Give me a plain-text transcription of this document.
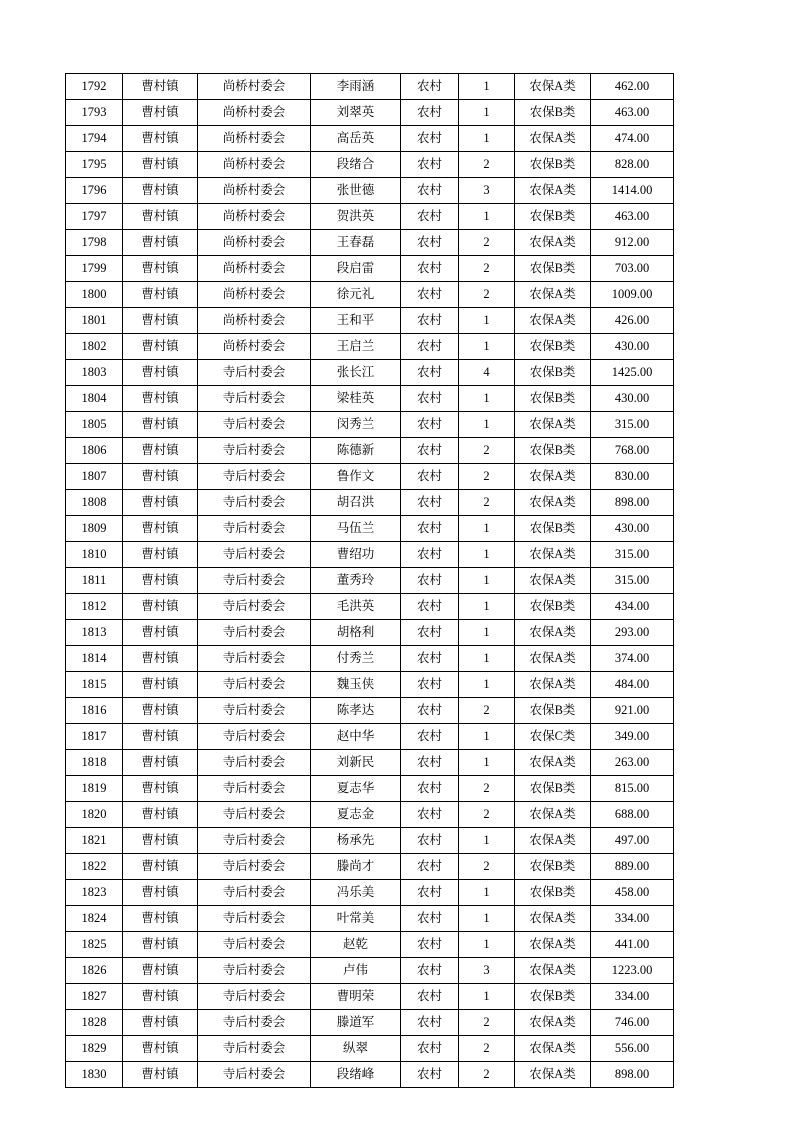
1792	曹村镇	尚桥村委会	李雨涵	农村	1	农保A类	462.00
1793	曹村镇	尚桥村委会	刘翠英	农村	1	农保B类	463.00
1794	曹村镇	尚桥村委会	高岳英	农村	1	农保A类	474.00
1795	曹村镇	尚桥村委会	段绪合	农村	2	农保B类	828.00
1796	曹村镇	尚桥村委会	张世德	农村	3	农保A类	1414.00
1797	曹村镇	尚桥村委会	贺洪英	农村	1	农保B类	463.00
1798	曹村镇	尚桥村委会	王春磊	农村	2	农保A类	912.00
1799	曹村镇	尚桥村委会	段启雷	农村	2	农保B类	703.00
1800	曹村镇	尚桥村委会	徐元礼	农村	2	农保A类	1009.00
1801	曹村镇	尚桥村委会	王和平	农村	1	农保A类	426.00
1802	曹村镇	尚桥村委会	王启兰	农村	1	农保B类	430.00
1803	曹村镇	寺后村委会	张长江	农村	4	农保B类	1425.00
1804	曹村镇	寺后村委会	梁桂英	农村	1	农保B类	430.00
1805	曹村镇	寺后村委会	闵秀兰	农村	1	农保A类	315.00
1806	曹村镇	寺后村委会	陈德新	农村	2	农保B类	768.00
1807	曹村镇	寺后村委会	鲁作文	农村	2	农保A类	830.00
1808	曹村镇	寺后村委会	胡召洪	农村	2	农保A类	898.00
1809	曹村镇	寺后村委会	马伍兰	农村	1	农保B类	430.00
1810	曹村镇	寺后村委会	曹绍功	农村	1	农保A类	315.00
1811	曹村镇	寺后村委会	董秀玲	农村	1	农保A类	315.00
1812	曹村镇	寺后村委会	毛洪英	农村	1	农保B类	434.00
1813	曹村镇	寺后村委会	胡格利	农村	1	农保A类	293.00
1814	曹村镇	寺后村委会	付秀兰	农村	1	农保A类	374.00
1815	曹村镇	寺后村委会	魏玉侠	农村	1	农保A类	484.00
1816	曹村镇	寺后村委会	陈孝达	农村	2	农保B类	921.00
1817	曹村镇	寺后村委会	赵中华	农村	1	农保C类	349.00
1818	曹村镇	寺后村委会	刘新民	农村	1	农保A类	263.00
1819	曹村镇	寺后村委会	夏志华	农村	2	农保B类	815.00
1820	曹村镇	寺后村委会	夏志金	农村	2	农保A类	688.00
1821	曹村镇	寺后村委会	杨承先	农村	1	农保A类	497.00
1822	曹村镇	寺后村委会	滕尚才	农村	2	农保B类	889.00
1823	曹村镇	寺后村委会	冯乐美	农村	1	农保B类	458.00
1824	曹村镇	寺后村委会	叶常美	农村	1	农保A类	334.00
1825	曹村镇	寺后村委会	赵乾	农村	1	农保A类	441.00
1826	曹村镇	寺后村委会	卢伟	农村	3	农保A类	1223.00
1827	曹村镇	寺后村委会	曹明荣	农村	1	农保B类	334.00
1828	曹村镇	寺后村委会	滕道军	农村	2	农保A类	746.00
1829	曹村镇	寺后村委会	纵翠	农村	2	农保A类	556.00
1830	曹村镇	寺后村委会	段绪峰	农村	2	农保A类	898.00
